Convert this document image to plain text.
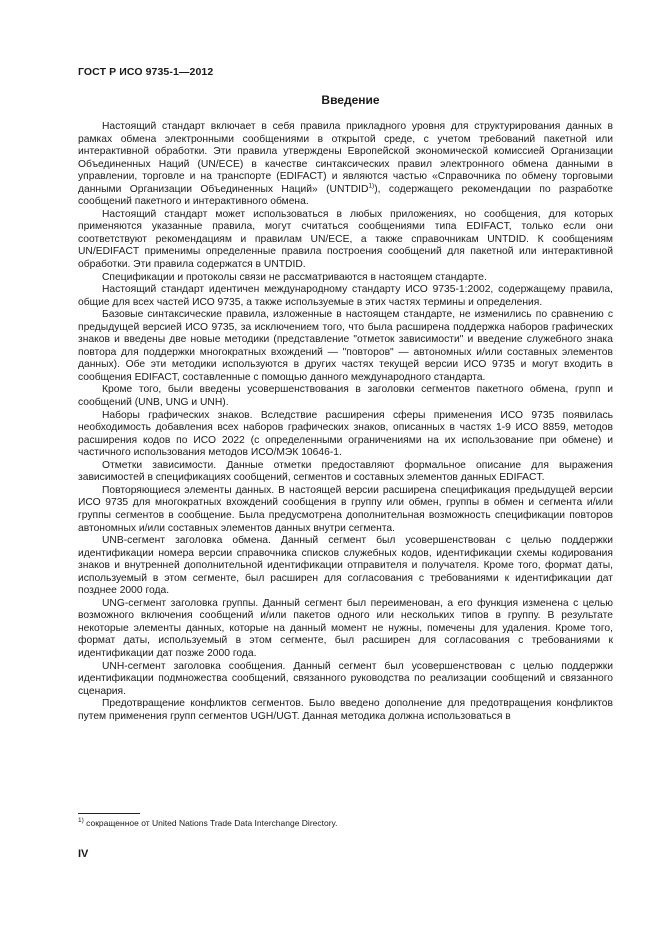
ГОСТ Р ИСО 9735-1—2012
Введение

Настоящий стандарт включает в себя правила прикладного уровня для структурирования данных в рамках обмена электронными сообщениями в открытой среде, с учетом требований пакетной или интерактивной обработки. Эти правила утверждены Европейской экономической комиссией Организации Объединенных Наций (UN/ECE) в качестве синтаксических правил электронного обмена данными в управлении, торговле и на транспорте (EDIFACT) и являются частью «Справочника по обмену торговыми данными Организации Объединенных Наций» (UNTDID$^{1)}$), содержащего рекомендации по разработке сообщений пакетного и интерактивного обмена.

Настоящий стандарт может использоваться в любых приложениях, но сообщения, для которых применяются указанные правила, могут считаться сообщениями типа EDIFACT, только если они соответствуют рекомендациям и правилам UN/ECE, а также справочникам UNTDID. К сообщениям UN/EDIFACT применимы определенные правила построения сообщений для пакетной или интерактивной обработки. Эти правила содержатся в UNTDID.

Спецификации и протоколы связи не рассматриваются в настоящем стандарте.

Настоящий стандарт идентичен международному стандарту ИСО 9735-1:2002, содержащему правила, общие для всех частей ИСО 9735, а также используемые в этих частях термины и определения.

Базовые синтаксические правила, изложенные в настоящем стандарте, не изменились по сравнению с предыдущей версией ИСО 9735, за исключением того, что была расширена поддержка наборов графических знаков и введены две новые методики (представление "отметок зависимости" и введение служебного знака повтора для поддержки многократных вхождений — "повторов" — автономных и/или составных элементов данных). Обе эти методики используются в других частях текущей версии ИСО 9735 и могут входить в сообщения EDIFACT, составленные с помощью данного международного стандарта.

Кроме того, были введены усовершенствования в заголовки сегментов пакетного обмена, групп и сообщений (UNB, UNG и UNH).

Наборы графических знаков. Вследствие расширения сферы применения ИСО 9735 появилась необходимость добавления всех наборов графических знаков, описанных в частях 1-9 ИСО 8859, методов расширения кодов по ИСО 2022 (с определенными ограничениями на их использование при обмене) и частичного использования методов ИСО/МЭК 10646-1.

Отметки зависимости. Данные отметки предоставляют формальное описание для выражения зависимостей в спецификациях сообщений, сегментов и составных элементов данных EDIFACT.

Повторяющиеся элементы данных. В настоящей версии расширена спецификация предыдущей версии ИСО 9735 для многократных вхождений сообщения в группу или обмен, группы в обмен и сегмента и/или группы сегментов в сообщение. Была предусмотрена дополнительная возможность спецификации повторов автономных и/или составных элементов данных внутри сегмента.

UNB-сегмент заголовка обмена. Данный сегмент был усовершенствован с целью поддержки идентификации номера версии справочника списков служебных кодов, идентификации схемы кодирования знаков и внутренней дополнительной идентификации отправителя и получателя. Кроме того, формат даты, используемый в этом сегменте, был расширен для согласования с требованиями к идентификации дат позднее 2000 года.

UNG-сегмент заголовка группы. Данный сегмент был переименован, а его функция изменена с целью возможного включения сообщений и/или пакетов одного или нескольких типов в группу. В результате некоторые элементы данных, которые на данный момент не нужны, помечены для удаления. Кроме того, формат даты, используемый в этом сегменте, был расширен для согласования с требованиями к идентификации дат позже 2000 года.

UNH-сегмент заголовка сообщения. Данный сегмент был усовершенствован с целью поддержки идентификации подмножества сообщений, связанного руководства по реализации сообщений и связанного сценария.

Предотвращение конфликтов сегментов. Было введено дополнение для предотвращения конфликтов путем применения групп сегментов UGH/UGT. Данная методика должна использоваться в

$^{1)}$ сокращенное от United Nations Trade Data Interchange Directory.
IV
